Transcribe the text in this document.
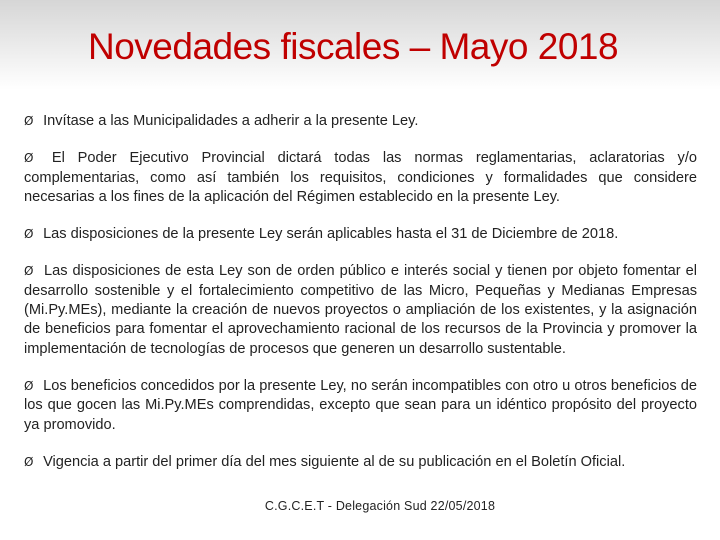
Novedades fiscales – Mayo 2018

Ø Invítase a las Municipalidades a adherir a la presente Ley.

Ø El Poder Ejecutivo Provincial dictará todas las normas reglamentarias, aclaratorias y/o complementarias, como así también los requisitos, condiciones y formalidades que considere necesarias a los fines de la aplicación del Régimen establecido en la presente Ley.

Ø Las disposiciones de la presente Ley serán aplicables hasta el 31 de Diciembre de 2018.

Ø Las disposiciones de esta Ley son de orden público e interés social y tienen por objeto fomentar el desarrollo sostenible y el fortalecimiento competitivo de las Micro, Pequeñas y Medianas Empresas (Mi.Py.MEs), mediante la creación de nuevos proyectos o ampliación de los existentes, y la asignación de beneficios para fomentar el aprovechamiento racional de los recursos de la Provincia y promover la implementación de tecnologías de procesos que generen un desarrollo sustentable.

Ø Los beneficios concedidos por la presente Ley, no serán incompatibles con otro u otros beneficios de los que gocen las Mi.Py.MEs comprendidas, excepto que sean para un idéntico propósito del proyecto ya promovido.

Ø Vigencia a partir del primer día del mes siguiente al de su publicación en el Boletín Oficial.

C.G.C.E.T - Delegación Sud 22/05/2018
